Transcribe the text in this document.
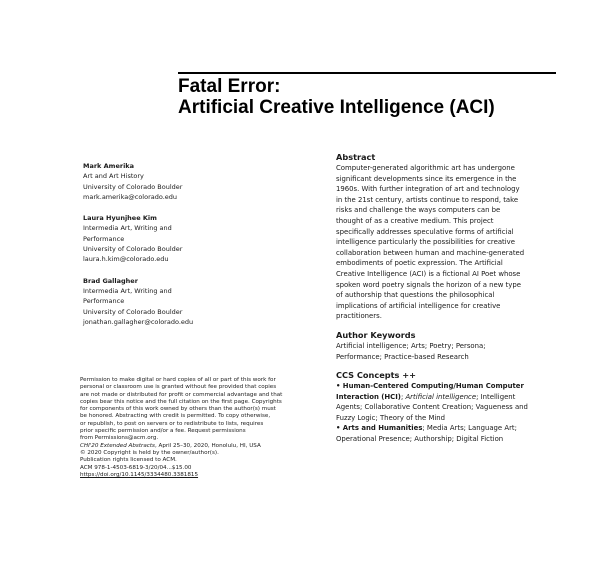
Fatal Error:
Artificial Creative Intelligence (ACI)
Mark Amerika
Art and Art History
University of Colorado Boulder
mark.amerika@colorado.edu
Laura Hyunjhee Kim
Intermedia Art, Writing and
Performance
University of Colorado Boulder
laura.h.kim@colorado.edu
Brad Gallagher
Intermedia Art, Writing and
Performance
University of Colorado Boulder
jonathan.gallagher@colorado.edu
Permission to make digital or hard copies of all or part of this work for
personal or classroom use is granted without fee provided that copies
are not made or distributed for profit or commercial advantage and that
copies bear this notice and the full citation on the first page. Copyrights
for components of this work owned by others than the author(s) must
be honored. Abstracting with credit is permitted. To copy otherwise,
or republish, to post on servers or to redistribute to lists, requires
prior specific permission and/or a fee. Request permissions
from Permissions@acm.org.
CHI'20 Extended Abstracts, April 25–30, 2020, Honolulu, HI, USA
© 2020 Copyright is held by the owner/author(s).
Publication rights licensed to ACM.
ACM 978-1-4503-6819-3/20/04...$15.00
https://doi.org/10.1145/3334480.3381815
Abstract
Computer-generated algorithmic art has undergone
significant developments since its emergence in the
1960s. With further integration of art and technology
in the 21st century, artists continue to respond, take
risks and challenge the ways computers can be
thought of as a creative medium. This project
specifically addresses speculative forms of artificial
intelligence particularly the possibilities for creative
collaboration between human and machine-generated
embodiments of poetic expression. The Artificial
Creative Intelligence (ACI) is a fictional AI Poet whose
spoken word poetry signals the horizon of a new type
of authorship that questions the philosophical
implications of artificial intelligence for creative
practitioners.
Author Keywords
Artificial intelligence; Arts; Poetry; Persona;
Performance; Practice-based Research
CCS Concepts ++
• Human-Centered Computing/Human Computer
Interaction (HCI); Artificial intelligence; Intelligent
Agents; Collaborative Content Creation; Vagueness and
Fuzzy Logic; Theory of the Mind
• Arts and Humanities; Media Arts; Language Art;
Operational Presence; Authorship; Digital Fiction
